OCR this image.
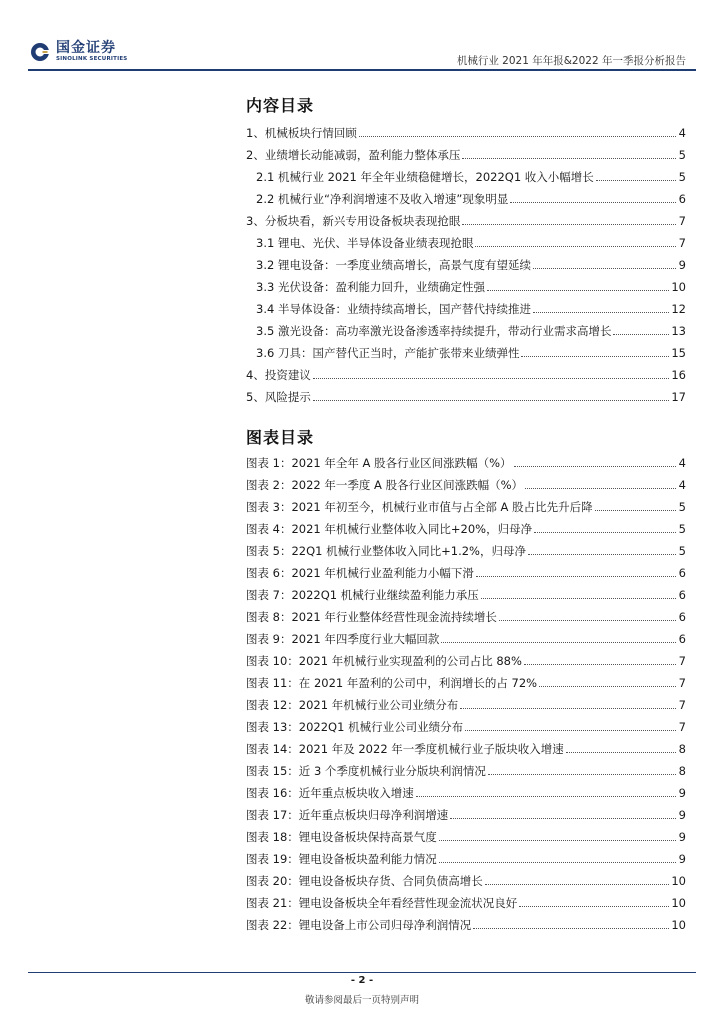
国金证券
SINOLINK SECURITIES	机械行业 2021 年年报&2022 年一季报分析报告
内容目录
1、机械板块行情回顾	4
2、业绩增长动能减弱，盈利能力整体承压	5
2.1 机械行业 2021 年全年业绩稳健增长，2022Q1 收入小幅增长	5
2.2 机械行业“净利润增速不及收入增速”现象明显	6
3、分板块看，新兴专用设备板块表现抢眼	7
3.1 锂电、光伏、半导体设备业绩表现抢眼	7
3.2 锂电设备：一季度业绩高增长，高景气度有望延续	9
3.3 光伏设备：盈利能力回升，业绩确定性强	10
3.4 半导体设备：业绩持续高增长，国产替代持续推进	12
3.5 激光设备：高功率激光设备渗透率持续提升，带动行业需求高增长	13
3.6 刀具：国产替代正当时，产能扩张带来业绩弹性	15
4、投资建议	16
5、风险提示	17
图表目录
图表 1：2021 年全年 A 股各行业区间涨跌幅（%）	4
图表 2：2022 年一季度 A 股各行业区间涨跌幅（%）	4
图表 3：2021 年初至今，机械行业市值与占全部 A 股占比先升后降	5
图表 4：2021 年机械行业整体收入同比+20%，归母净	5
图表 5：22Q1 机械行业整体收入同比+1.2%，归母净	5
图表 6：2021 年机械行业盈利能力小幅下滑	6
图表 7：2022Q1 机械行业继续盈利能力承压	6
图表 8：2021 年行业整体经营性现金流持续增长	6
图表 9：2021 年四季度行业大幅回款	6
图表 10：2021 年机械行业实现盈利的公司占比 88%	7
图表 11：在 2021 年盈利的公司中，利润增长的占 72%	7
图表 12：2021 年机械行业公司业绩分布	7
图表 13：2022Q1 机械行业公司业绩分布	7
图表 14：2021 年及 2022 年一季度机械行业子版块收入增速	8
图表 15：近 3 个季度机械行业分版块利润情况	8
图表 16：近年重点板块收入增速	9
图表 17：近年重点板块归母净利润增速	9
图表 18：锂电设备板块保持高景气度	9
图表 19：锂电设备板块盈利能力情况	9
图表 20：锂电设备板块存货、合同负债高增长	10
图表 21：锂电设备板块全年看经营性现金流状况良好	10
图表 22：锂电设备上市公司归母净利润情况	10
- 2 -
敬请参阅最后一页特别声明
